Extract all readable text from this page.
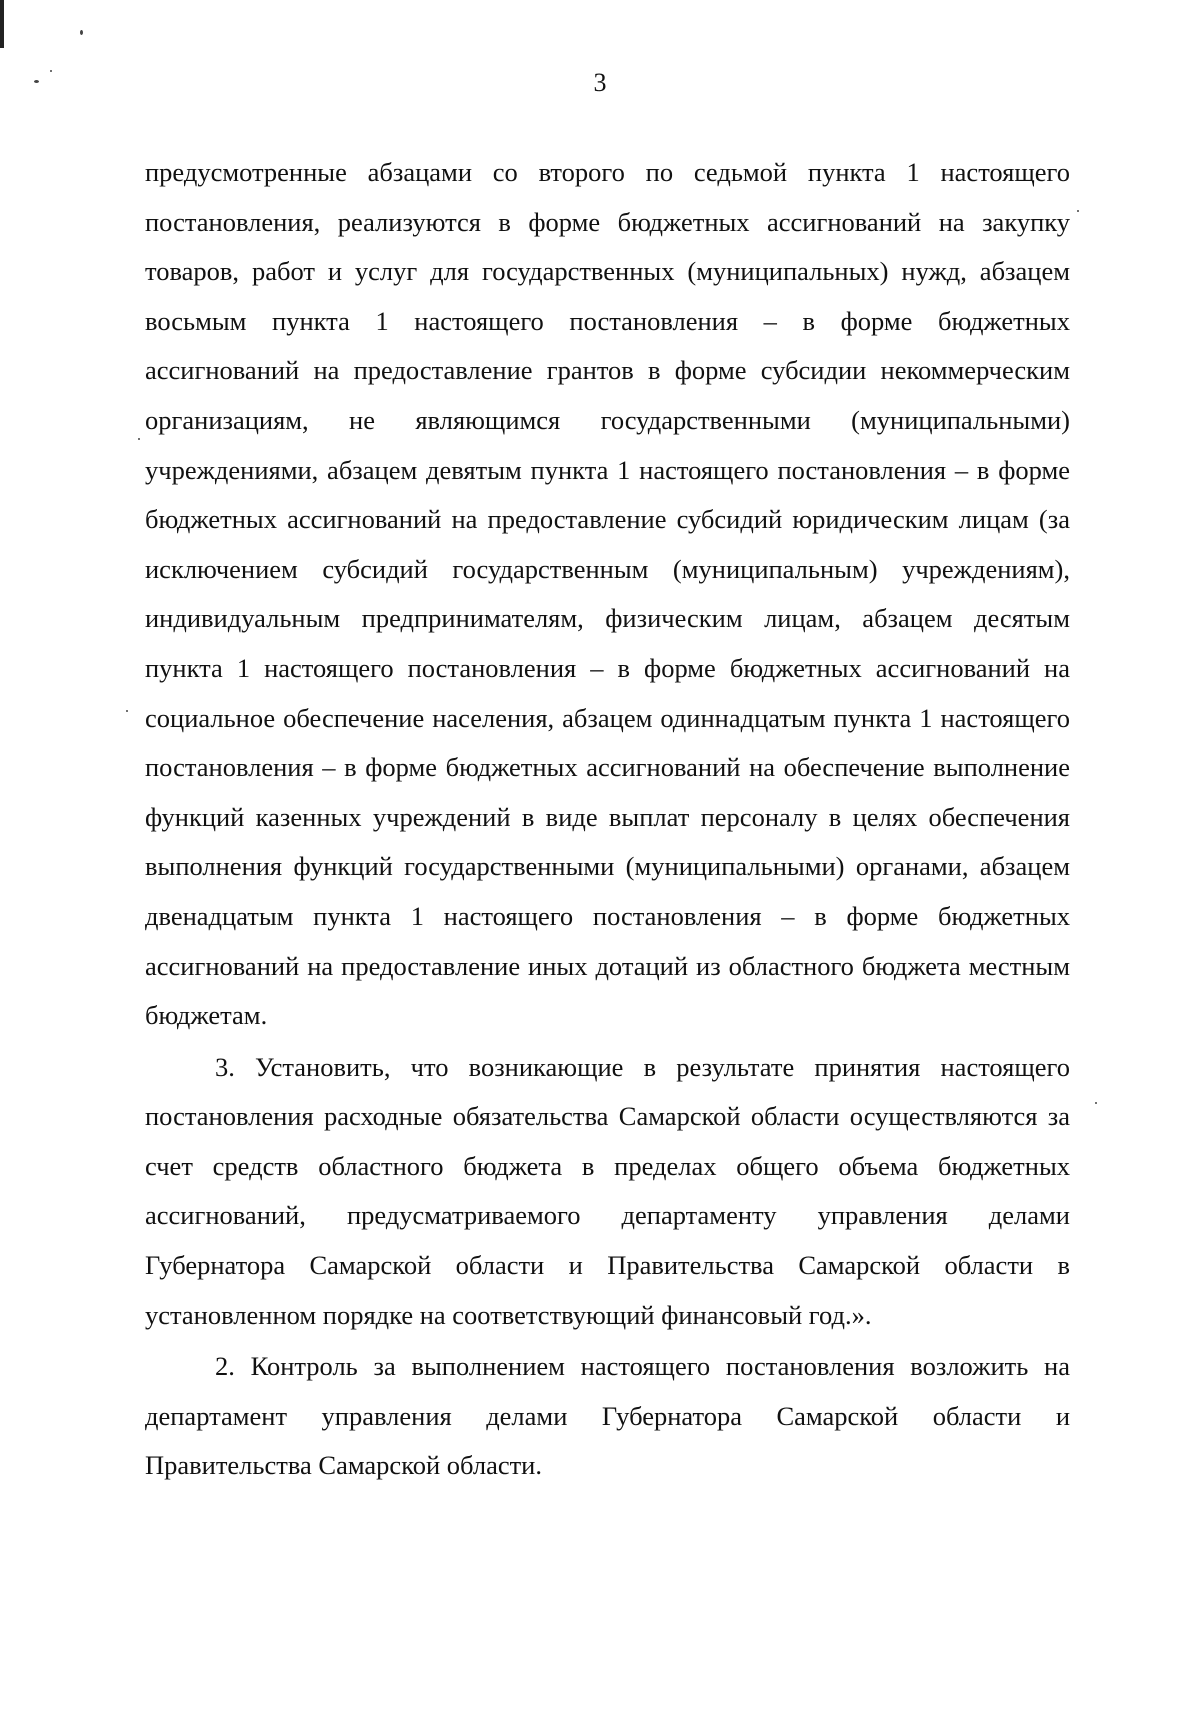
3

предусмотренные абзацами со второго по седьмой пункта 1 настоящего постановления, реализуются в форме бюджетных ассигнований на закупку товаров, работ и услуг для государственных (муниципальных) нужд, абзацем восьмым пункта 1 настоящего постановления – в форме бюджетных ассигнований на предоставление грантов в форме субсидии некоммерческим организациям, не являющимся государственными (муниципальными) учреждениями, абзацем девятым пункта 1 настоящего постановления – в форме бюджетных ассигнований на предоставление субсидий юридическим лицам (за исключением субсидий государственным (муниципальным) учреждениям), индивидуальным предпринимателям, физическим лицам, абзацем десятым пункта 1 настоящего постановления – в форме бюджетных ассигнований на социальное обеспечение населения, абзацем одиннадцатым пункта 1 настоящего постановления – в форме бюджетных ассигнований на обеспечение выполнение функций казенных учреждений в виде выплат персоналу в целях обеспечения выполнения функций государственными (муниципальными) органами, абзацем двенадцатым пункта 1 настоящего постановления – в форме бюджетных ассигнований на предоставление иных дотаций из областного бюджета местным бюджетам.

3. Установить, что возникающие в результате принятия настоящего постановления расходные обязательства Самарской области осуществляются за счет средств областного бюджета в пределах общего объема бюджетных ассигнований, предусматриваемого департаменту управления делами Губернатора Самарской области и Правительства Самарской области в установленном порядке на соответствующий финансовый год.».

2. Контроль за выполнением настоящего постановления возложить на департамент управления делами Губернатора Самарской области и Правительства Самарской области.
